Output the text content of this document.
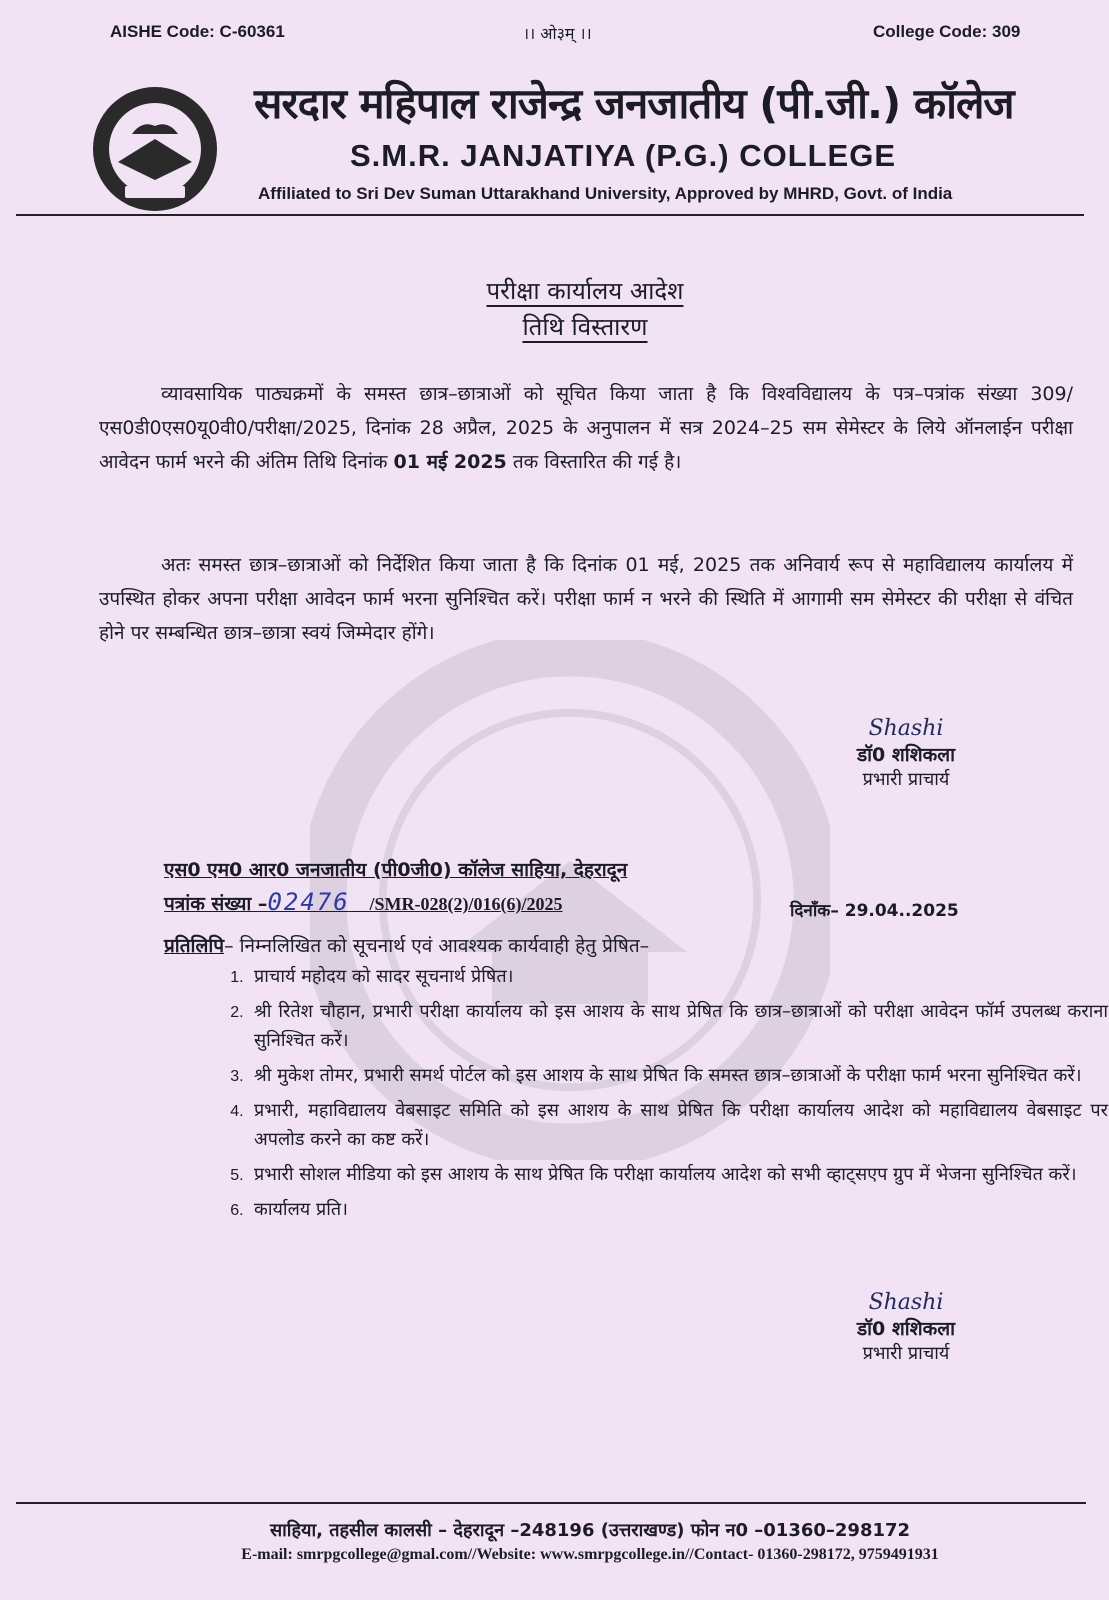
AISHE Code: C-60361	।। ओ३म् ।।	College Code: 309
सरदार महिपाल राजेन्द्र जनजातीय (पी.जी.) कॉलेज
S.M.R. JANJATIYA (P.G.) COLLEGE
Affiliated to Sri Dev Suman Uttarakhand University, Approved by MHRD, Govt. of India
परीक्षा कार्यालय आदेश
तिथि विस्तारण

व्यावसायिक पाठ्यक्रमों के समस्त छात्र–छात्राओं को सूचित किया जाता है कि विश्वविद्यालय के पत्र–पत्रांक संख्या 309/एस0डी0एस0यू0वी0/परीक्षा/2025, दिनांक 28 अप्रैल, 2025 के अनुपालन में सत्र 2024–25 सम सेमेस्टर के लिये ऑनलाईन परीक्षा आवेदन फार्म भरने की अंतिम तिथि दिनांक 01 मई 2025 तक विस्तारित की गई है।

अतः समस्त छात्र–छात्राओं को निर्देशित किया जाता है कि दिनांक 01 मई, 2025 तक अनिवार्य रूप से महाविद्यालय कार्यालय में उपस्थित होकर अपना परीक्षा आवेदन फार्म भरना सुनिश्चित करें। परीक्षा फार्म न भरने की स्थिति में आगामी सम सेमेस्टर की परीक्षा से वंचित होने पर सम्बन्धित छात्र–छात्रा स्वयं जिम्मेदार होंगे।

Shashi
डॉ0 शशिकला
प्रभारी प्राचार्य
एस0 एम0 आर0 जनजातीय (पी0जी0) कॉलेज साहिया, देहरादून
पत्रांक संख्या –02476 /SMR-028(2)/016(6)/2025	दिनाँक– 29.04..2025
प्रतिलिपि– निम्नलिखित को सूचनार्थ एवं आवश्यक कार्यवाही हेतु प्रेषित–
1. प्राचार्य महोदय को सादर सूचनार्थ प्रेषित।
2. श्री रितेश चौहान, प्रभारी परीक्षा कार्यालय को इस आशय के साथ प्रेषित कि छात्र–छात्राओं को परीक्षा आवेदन फॉर्म उपलब्ध कराना सुनिश्चित करें।
3. श्री मुकेश तोमर, प्रभारी समर्थ पोर्टल को इस आशय के साथ प्रेषित कि समस्त छात्र–छात्राओं के परीक्षा फार्म भरना सुनिश्चित करें।
4. प्रभारी, महाविद्यालय वेबसाइट समिति को इस आशय के साथ प्रेषित कि परीक्षा कार्यालय आदेश को महाविद्यालय वेबसाइट पर अपलोड करने का कष्ट करें।
5. प्रभारी सोशल मीडिया को इस आशय के साथ प्रेषित कि परीक्षा कार्यालय आदेश को सभी व्हाट्सएप ग्रुप में भेजना सुनिश्चित करें।
6. कार्यालय प्रति।
Shashi
डॉ0 शशिकला
प्रभारी प्राचार्य
साहिया, तहसील कालसी – देहरादून –248196 (उत्तराखण्ड) फोन न0 –01360–298172
E-mail: smrpgcollege@gmal.com//Website: www.smrpgcollege.in//Contact- 01360-298172, 9759491931
